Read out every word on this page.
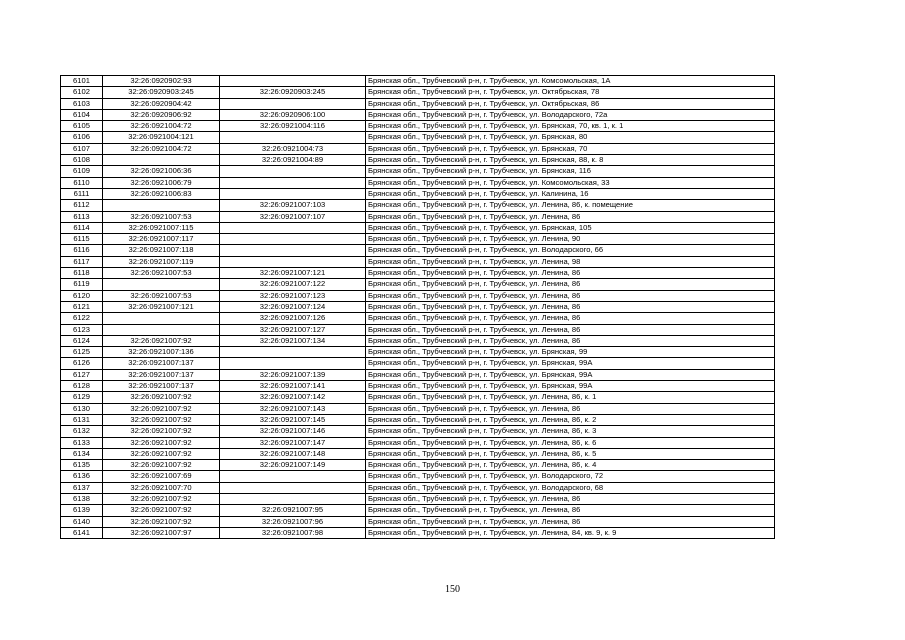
6101	32:26:0920902:93		Брянская обл., Трубчевский р-н, г. Трубчевск, ул. Комсомольская, 1А
6102	32:26:0920903:245	32:26:0920903:245	Брянская обл., Трубчевский р-н, г. Трубчевск, ул. Октябрьская, 78
6103	32:26:0920904:42		Брянская обл., Трубчевский р-н, г. Трубчевск, ул. Октябрьская, 86
6104	32:26:0920906:92	32:26:0920906:100	Брянская обл., Трубчевский р-н, г. Трубчевск, ул. Володарского, 72а
6105	32:26:0921004:72	32:26:0921004:116	Брянская обл., Трубчевский р-н, г. Трубчевск, ул. Брянская, 70, кв. 1, к. 1
6106	32:26:0921004:121		Брянская обл., Трубчевский р-н, г. Трубчевск, ул. Брянская, 80
6107	32:26:0921004:72	32:26:0921004:73	Брянская обл., Трубчевский р-н, г. Трубчевск, ул. Брянская, 70
6108		32:26:0921004:89	Брянская обл., Трубчевский р-н, г. Трубчевск, ул. Брянская, 88, к. 8
6109	32:26:0921006:36		Брянская обл., Трубчевский р-н, г. Трубчевск, ул. Брянская, 116
6110	32:26:0921006:79		Брянская обл., Трубчевский р-н, г. Трубчевск, ул. Комсомольская, 33
6111	32:26:0921006:83		Брянская обл., Трубчевский р-н, г. Трубчевск, ул. Калинина, 16
6112		32:26:0921007:103	Брянская обл., Трубчевский р-н, г. Трубчевск, ул. Ленина, 86, к. помещение
6113	32:26:0921007:53	32:26:0921007:107	Брянская обл., Трубчевский р-н, г. Трубчевск, ул. Ленина, 86
6114	32:26:0921007:115		Брянская обл., Трубчевский р-н, г. Трубчевск, ул. Брянская, 105
6115	32:26:0921007:117		Брянская обл., Трубчевский р-н, г. Трубчевск, ул. Ленина, 90
6116	32:26:0921007:118		Брянская обл., Трубчевский р-н, г. Трубчевск, ул. Володарского, 66
6117	32:26:0921007:119		Брянская обл., Трубчевский р-н, г. Трубчевск, ул. Ленина, 98
6118	32:26:0921007:53	32:26:0921007:121	Брянская обл., Трубчевский р-н, г. Трубчевск, ул. Ленина, 86
6119		32:26:0921007:122	Брянская обл., Трубчевский р-н, г. Трубчевск, ул. Ленина, 86
6120	32:26:0921007:53	32:26:0921007:123	Брянская обл., Трубчевский р-н, г. Трубчевск, ул. Ленина, 86
6121	32:26:0921007:121	32:26:0921007:124	Брянская обл., Трубчевский р-н, г. Трубчевск, ул. Ленина, 86
6122		32:26:0921007:126	Брянская обл., Трубчевский р-н, г. Трубчевск, ул. Ленина, 86
6123		32:26:0921007:127	Брянская обл., Трубчевский р-н, г. Трубчевск, ул. Ленина, 86
6124	32:26:0921007:92	32:26:0921007:134	Брянская обл., Трубчевский р-н, г. Трубчевск, ул. Ленина, 86
6125	32:26:0921007:136		Брянская обл., Трубчевский р-н, г. Трубчевск, ул. Брянская, 99
6126	32:26:0921007:137		Брянская обл., Трубчевский р-н, г. Трубчевск, ул. Брянская, 99А
6127	32:26:0921007:137	32:26:0921007:139	Брянская обл., Трубчевский р-н, г. Трубчевск, ул. Брянская, 99А
6128	32:26:0921007:137	32:26:0921007:141	Брянская обл., Трубчевский р-н, г. Трубчевск, ул. Брянская, 99А
6129	32:26:0921007:92	32:26:0921007:142	Брянская обл., Трубчевский р-н, г. Трубчевск, ул. Ленина, 86, к. 1
6130	32:26:0921007:92	32:26:0921007:143	Брянская обл., Трубчевский р-н, г. Трубчевск, ул. Ленина, 86
6131	32:26:0921007:92	32:26:0921007:145	Брянская обл., Трубчевский р-н, г. Трубчевск, ул. Ленина, 86, к. 2
6132	32:26:0921007:92	32:26:0921007:146	Брянская обл., Трубчевский р-н, г. Трубчевск, ул. Ленина, 86, к. 3
6133	32:26:0921007:92	32:26:0921007:147	Брянская обл., Трубчевский р-н, г. Трубчевск, ул. Ленина, 86, к. 6
6134	32:26:0921007:92	32:26:0921007:148	Брянская обл., Трубчевский р-н, г. Трубчевск, ул. Ленина, 86, к. 5
6135	32:26:0921007:92	32:26:0921007:149	Брянская обл., Трубчевский р-н, г. Трубчевск, ул. Ленина, 86, к. 4
6136	32:26:0921007:69		Брянская обл., Трубчевский р-н, г. Трубчевск, ул. Володарского, 72
6137	32:26:0921007:70		Брянская обл., Трубчевский р-н, г. Трубчевск, ул. Володарского, 68
6138	32:26:0921007:92		Брянская обл., Трубчевский р-н, г. Трубчевск, ул. Ленина, 86
6139	32:26:0921007:92	32:26:0921007:95	Брянская обл., Трубчевский р-н, г. Трубчевск, ул. Ленина, 86
6140	32:26:0921007:92	32:26:0921007:96	Брянская обл., Трубчевский р-н, г. Трубчевск, ул. Ленина, 86
6141	32:26:0921007:97	32:26:0921007:98	Брянская обл., Трубчевский р-н, г. Трубчевск, ул. Ленина, 84, кв. 9, к. 9
150
